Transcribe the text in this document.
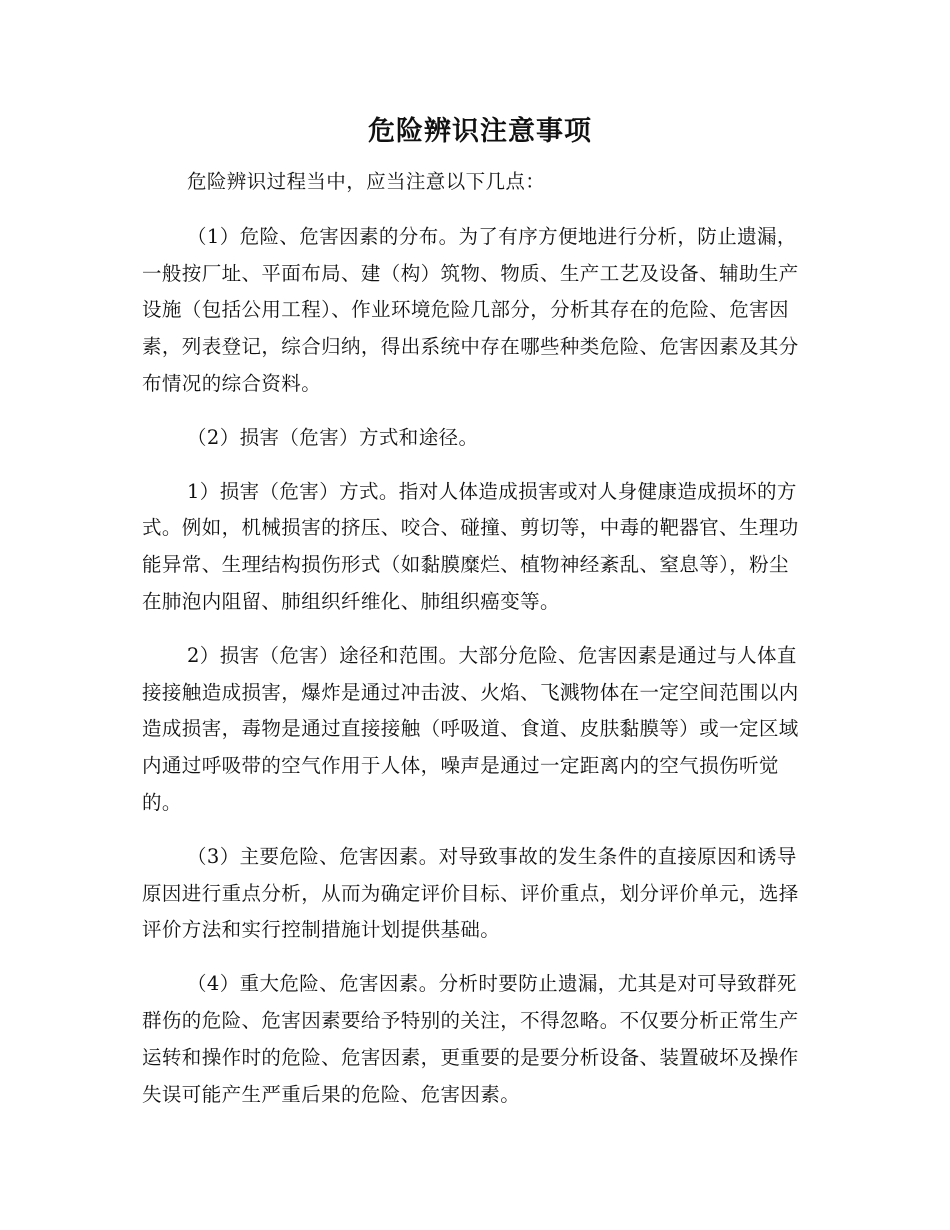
危险辨识注意事项

危险辨识过程当中，应当注意以下几点：

（1）危险、危害因素的分布。为了有序方便地进行分析，防止遗漏，一般按厂址、平面布局、建（构）筑物、物质、生产工艺及设备、辅助生产设施（包括公用工程）、作业环境危险几部分，分析其存在的危险、危害因素，列表登记，综合归纳，得出系统中存在哪些种类危险、危害因素及其分布情况的综合资料。

（2）损害（危害）方式和途径。

1）损害（危害）方式。指对人体造成损害或对人身健康造成损坏的方式。例如，机械损害的挤压、咬合、碰撞、剪切等，中毒的靶器官、生理功能异常、生理结构损伤形式（如黏膜糜烂、植物神经紊乱、窒息等），粉尘在肺泡内阻留、肺组织纤维化、肺组织癌变等。

2）损害（危害）途径和范围。大部分危险、危害因素是通过与人体直接接触造成损害，爆炸是通过冲击波、火焰、飞溅物体在一定空间范围以内造成损害，毒物是通过直接接触（呼吸道、食道、皮肤黏膜等）或一定区域内通过呼吸带的空气作用于人体，噪声是通过一定距离内的空气损伤听觉的。

（3）主要危险、危害因素。对导致事故的发生条件的直接原因和诱导原因进行重点分析，从而为确定评价目标、评价重点，划分评价单元，选择评价方法和实行控制措施计划提供基础。

（4）重大危险、危害因素。分析时要防止遗漏，尤其是对可导致群死群伤的危险、危害因素要给予特别的关注，不得忽略。不仅要分析正常生产运转和操作时的危险、危害因素，更重要的是要分析设备、装置破坏及操作失误可能产生严重后果的危险、危害因素。
